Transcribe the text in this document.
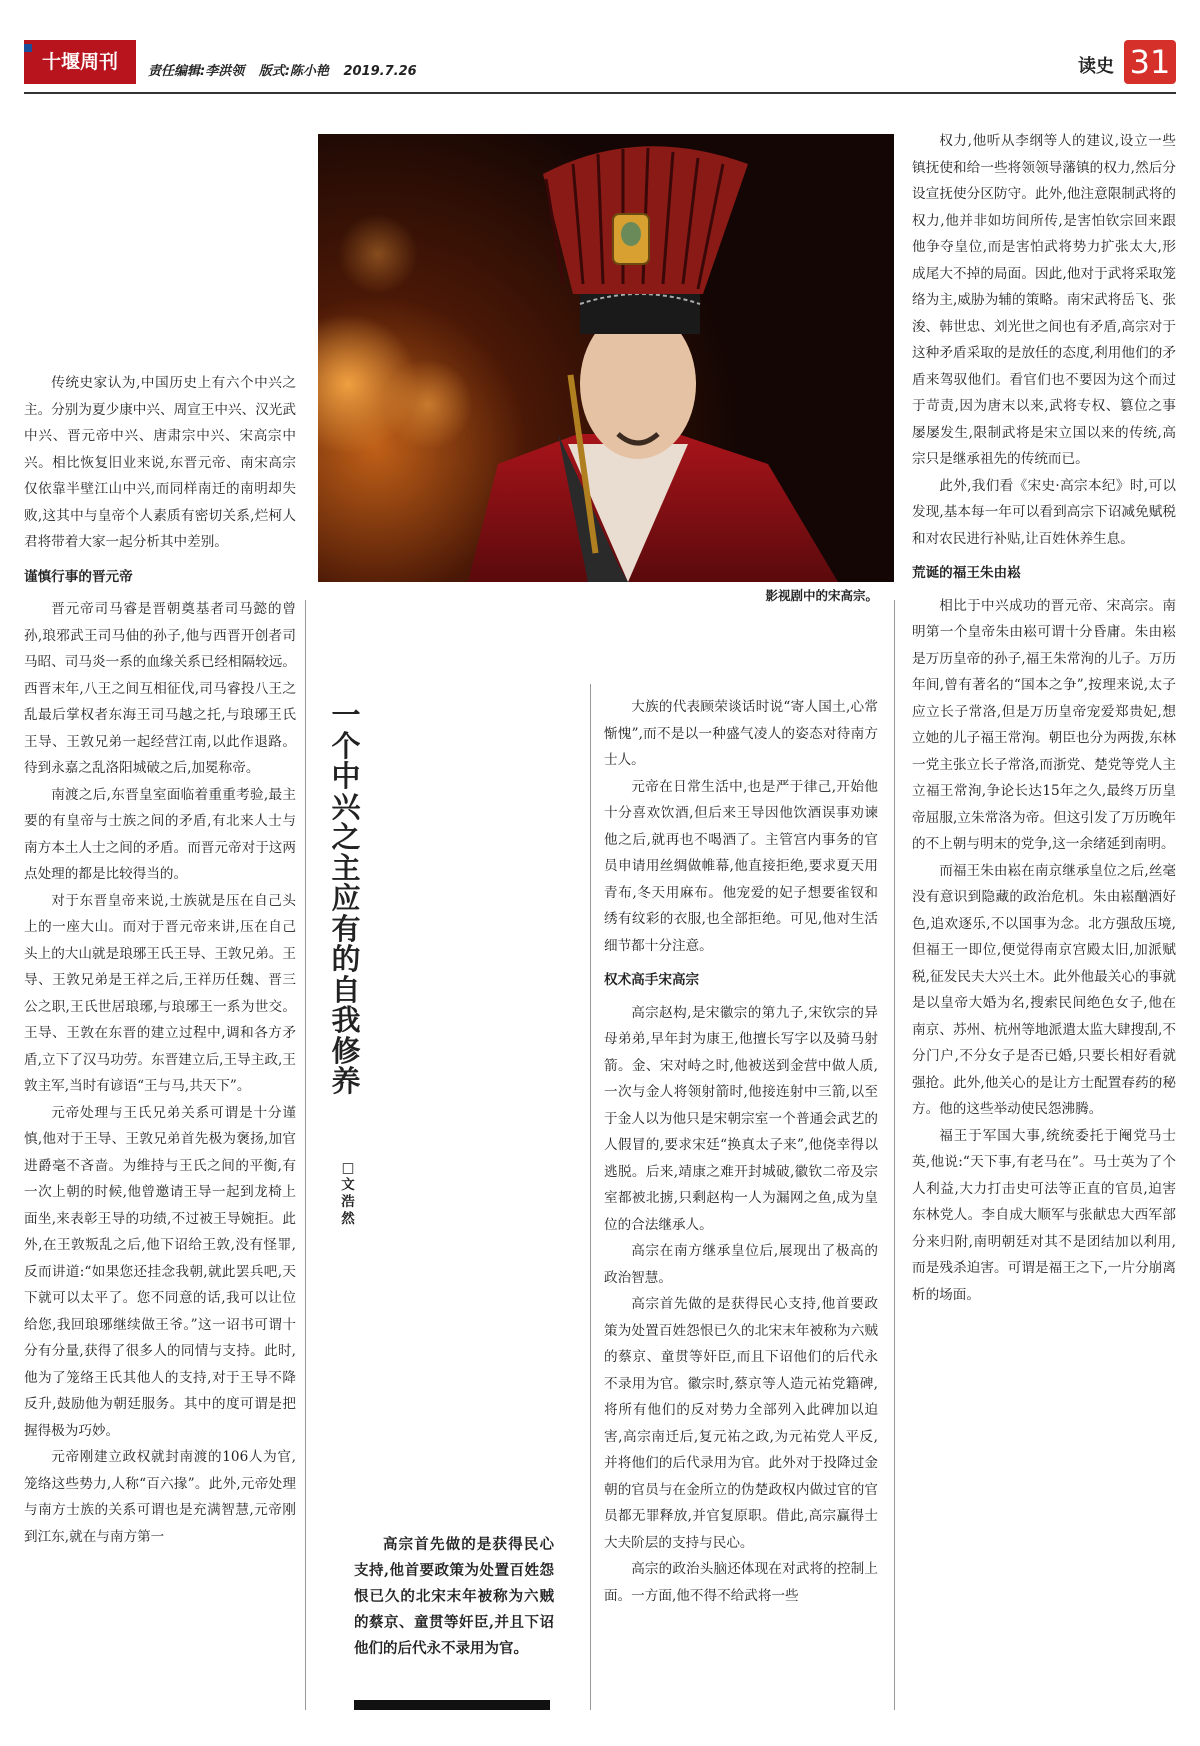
十堰周刊	责任编辑:李洪领 版式:陈小艳 2019.7.26	读史 31

传统史家认为,中国历史上有六个中兴之主。分别为夏少康中兴、周宣王中兴、汉光武中兴、晋元帝中兴、唐肃宗中兴、宋高宗中兴。相比恢复旧业来说,东晋元帝、南宋高宗仅依靠半壁江山中兴,而同样南迁的南明却失败,这其中与皇帝个人素质有密切关系,烂柯人君将带着大家一起分析其中差别。

谨慎行事的晋元帝

晋元帝司马睿是晋朝奠基者司马懿的曾孙,琅邪武王司马伷的孙子,他与西晋开创者司马昭、司马炎一系的血缘关系已经相隔较远。西晋末年,八王之间互相征伐,司马睿投八王之乱最后掌权者东海王司马越之托,与琅琊王氏王导、王敦兄弟一起经营江南,以此作退路。待到永嘉之乱洛阳城破之后,加冕称帝。

南渡之后,东晋皇室面临着重重考验,最主要的有皇帝与士族之间的矛盾,有北来人士与南方本土人士之间的矛盾。而晋元帝对于这两点处理的都是比较得当的。

对于东晋皇帝来说,士族就是压在自己头上的一座大山。而对于晋元帝来讲,压在自己头上的大山就是琅琊王氏王导、王敦兄弟。王导、王敦兄弟是王祥之后,王祥历任魏、晋三公之职,王氏世居琅琊,与琅琊王一系为世交。王导、王敦在东晋的建立过程中,调和各方矛盾,立下了汉马功劳。东晋建立后,王导主政,王敦主军,当时有谚语“王与马,共天下”。

元帝处理与王氏兄弟关系可谓是十分谨慎,他对于王导、王敦兄弟首先极为褒扬,加官进爵毫不吝啬。为维持与王氏之间的平衡,有一次上朝的时候,他曾邀请王导一起到龙椅上面坐,来表彰王导的功绩,不过被王导婉拒。此外,在王敦叛乱之后,他下诏给王敦,没有怪罪,反而讲道:“如果您还挂念我朝,就此罢兵吧,天下就可以太平了。您不同意的话,我可以让位给您,我回琅琊继续做王爷。”这一诏书可谓十分有分量,获得了很多人的同情与支持。此时,他为了笼络王氏其他人的支持,对于王导不降反升,鼓励他为朝廷服务。其中的度可谓是把握得极为巧妙。

元帝刚建立政权就封南渡的106人为官,笼络这些势力,人称“百六掾”。此外,元帝处理与南方士族的关系可谓也是充满智慧,元帝刚到江东,就在与南方第一

影视剧中的宋高宗。
一个中兴之主应有的自我修养
□文浩然

大族的代表顾荣谈话时说“寄人国土,心常惭愧”,而不是以一种盛气凌人的姿态对待南方士人。

元帝在日常生活中,也是严于律己,开始他十分喜欢饮酒,但后来王导因他饮酒误事劝谏他之后,就再也不喝酒了。主管宫内事务的官员申请用丝绸做帷幕,他直接拒绝,要求夏天用青布,冬天用麻布。他宠爱的妃子想要雀钗和绣有纹彩的衣服,也全部拒绝。可见,他对生活细节都十分注意。

权术高手宋高宗

高宗赵构,是宋徽宗的第九子,宋钦宗的异母弟弟,早年封为康王,他擅长写字以及骑马射箭。金、宋对峙之时,他被送到金营中做人质,一次与金人将领射箭时,他接连射中三箭,以至于金人以为他只是宋朝宗室一个普通会武艺的人假冒的,要求宋廷“换真太子来”,他侥幸得以逃脱。后来,靖康之难开封城破,徽钦二帝及宗室都被北掳,只剩赵构一人为漏网之鱼,成为皇位的合法继承人。

高宗在南方继承皇位后,展现出了极高的政治智慧。

高宗首先做的是获得民心支持,他首要政策为处置百姓怨恨已久的北宋末年被称为六贼的蔡京、童贯等奸臣,而且下诏他们的后代永不录用为官。徽宗时,蔡京等人造元祐党籍碑,将所有他们的反对势力全部列入此碑加以迫害,高宗南迁后,复元祐之政,为元祐党人平反,并将他们的后代录用为官。此外对于投降过金朝的官员与在金所立的伪楚政权内做过官的官员都无罪释放,并官复原职。借此,高宗赢得士大夫阶层的支持与民心。

高宗的政治头脑还体现在对武将的控制上面。一方面,他不得不给武将一些

权力,他听从李纲等人的建议,设立一些镇抚使和给一些将领领导藩镇的权力,然后分设宣抚使分区防守。此外,他注意限制武将的权力,他并非如坊间所传,是害怕钦宗回来跟他争夺皇位,而是害怕武将势力扩张太大,形成尾大不掉的局面。因此,他对于武将采取笼络为主,威胁为辅的策略。南宋武将岳飞、张浚、韩世忠、刘光世之间也有矛盾,高宗对于这种矛盾采取的是放任的态度,利用他们的矛盾来驾驭他们。看官们也不要因为这个而过于苛责,因为唐末以来,武将专权、篡位之事屡屡发生,限制武将是宋立国以来的传统,高宗只是继承祖先的传统而已。

此外,我们看《宋史·高宗本纪》时,可以发现,基本每一年可以看到高宗下诏减免赋税和对农民进行补贴,让百姓休养生息。

荒诞的福王朱由崧

相比于中兴成功的晋元帝、宋高宗。南明第一个皇帝朱由崧可谓十分昏庸。朱由崧是万历皇帝的孙子,福王朱常洵的儿子。万历年间,曾有著名的“国本之争”,按理来说,太子应立长子常洛,但是万历皇帝宠爱郑贵妃,想立她的儿子福王常洵。朝臣也分为两拨,东林一党主张立长子常洛,而浙党、楚党等党人主立福王常洵,争论长达15年之久,最终万历皇帝屈服,立朱常洛为帝。但这引发了万历晚年的不上朝与明末的党争,这一余绪延到南明。

而福王朱由崧在南京继承皇位之后,丝毫没有意识到隐藏的政治危机。朱由崧酗酒好色,追欢逐乐,不以国事为念。北方强敌压境,但福王一即位,便觉得南京宫殿太旧,加派赋税,征发民夫大兴土木。此外他最关心的事就是以皇帝大婚为名,搜索民间绝色女子,他在南京、苏州、杭州等地派遣太监大肆搜刮,不分门户,不分女子是否已婚,只要长相好看就强抢。此外,他关心的是让方士配置春药的秘方。他的这些举动使民怨沸腾。

福王于军国大事,统统委托于阉党马士英,他说:“天下事,有老马在”。马士英为了个人利益,大力打击史可法等正直的官员,迫害东林党人。李自成大顺军与张献忠大西军部分来归附,南明朝廷对其不是团结加以利用,而是残杀迫害。可谓是福王之下,一片分崩离析的场面。

高宗首先做的是获得民心支持,他首要政策为处置百姓怨恨已久的北宋末年被称为六贼的蔡京、童贯等奸臣,并且下诏他们的后代永不录用为官。
